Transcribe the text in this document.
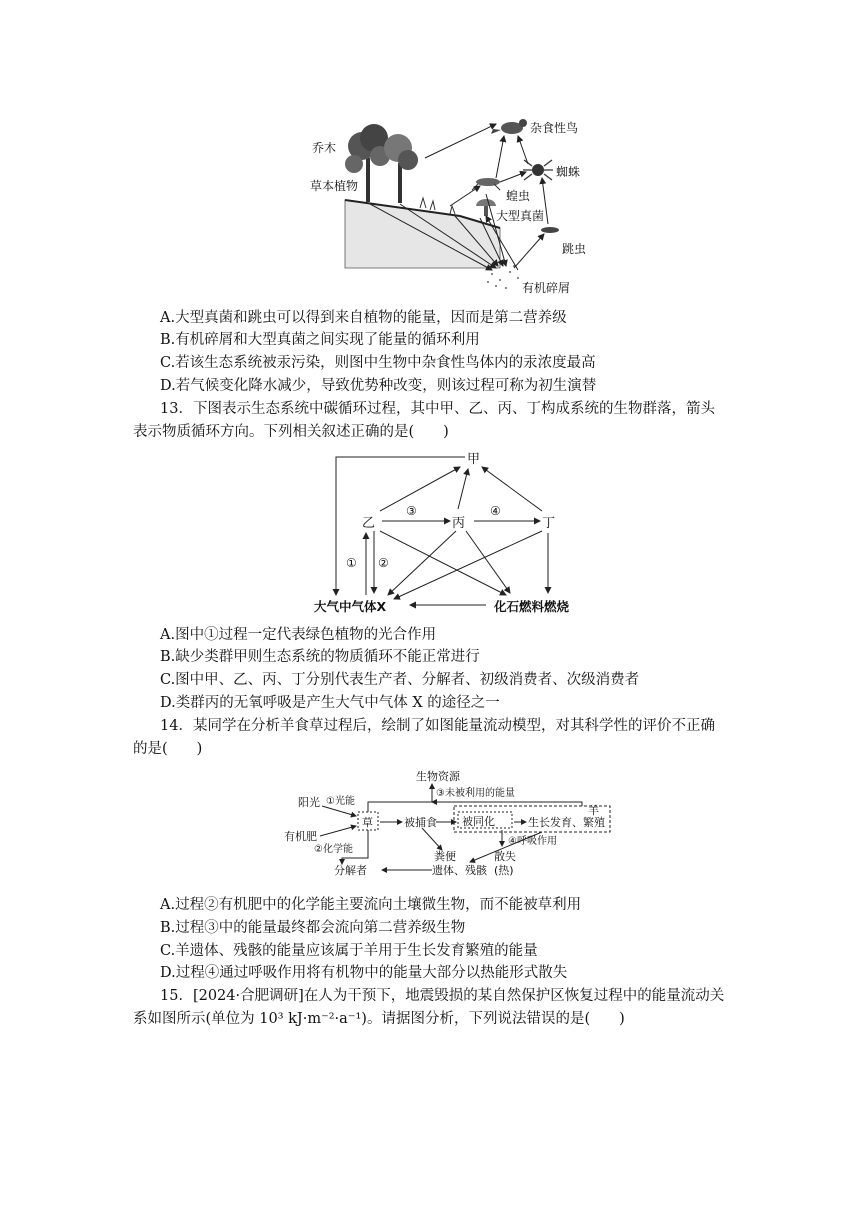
乔木
草本植物
杂食性鸟
蜘蛛
蝗虫
大型真菌
跳虫
有机碎屑
A.大型真菌和跳虫可以得到来自植物的能量，因而是第二营养级
B.有机碎屑和大型真菌之间实现了能量的循环利用
C.若该生态系统被汞污染，则图中生物中杂食性鸟体内的汞浓度最高
D.若气候变化降水减少，导致优势种改变，则该过程可称为初生演替
13．下图表示生态系统中碳循环过程，其中甲、乙、丙、丁构成系统的生物群落，箭头
表示物质循环方向。下列相关叙述正确的是(　　)
甲
乙	丙	丁
③	④
① ②
大气中气体X	化石燃料燃烧
A.图中①过程一定代表绿色植物的光合作用
B.缺少类群甲则生态系统的物质循环不能正常进行
C.图中甲、乙、丙、丁分别代表生产者、分解者、初级消费者、次级消费者
D.类群丙的无氧呼吸是产生大气中气体 X 的途径之一
14．某同学在分析羊食草过程后，绘制了如图能量流动模型，对其科学性的评价不正确
的是(　　)
生物资源
③未被利用的能量
阳光 ①光能
有机肥
②化学能
草	被捕食 被同化	生长发育、繁殖
羊
④呼吸作用
散失
(热)
粪便
遗体、残骸
分解者
A.过程②有机肥中的化学能主要流向土壤微生物，而不能被草利用
B.过程③中的能量最终都会流向第二营养级生物
C.羊遗体、残骸的能量应该属于羊用于生长发育繁殖的能量
D.过程④通过呼吸作用将有机物中的能量大部分以热能形式散失
15．[2024·合肥调研]在人为干预下，地震毁损的某自然保护区恢复过程中的能量流动关
系如图所示(单位为 10³ kJ·m⁻²·a⁻¹)。请据图分析，下列说法错误的是(　　)
